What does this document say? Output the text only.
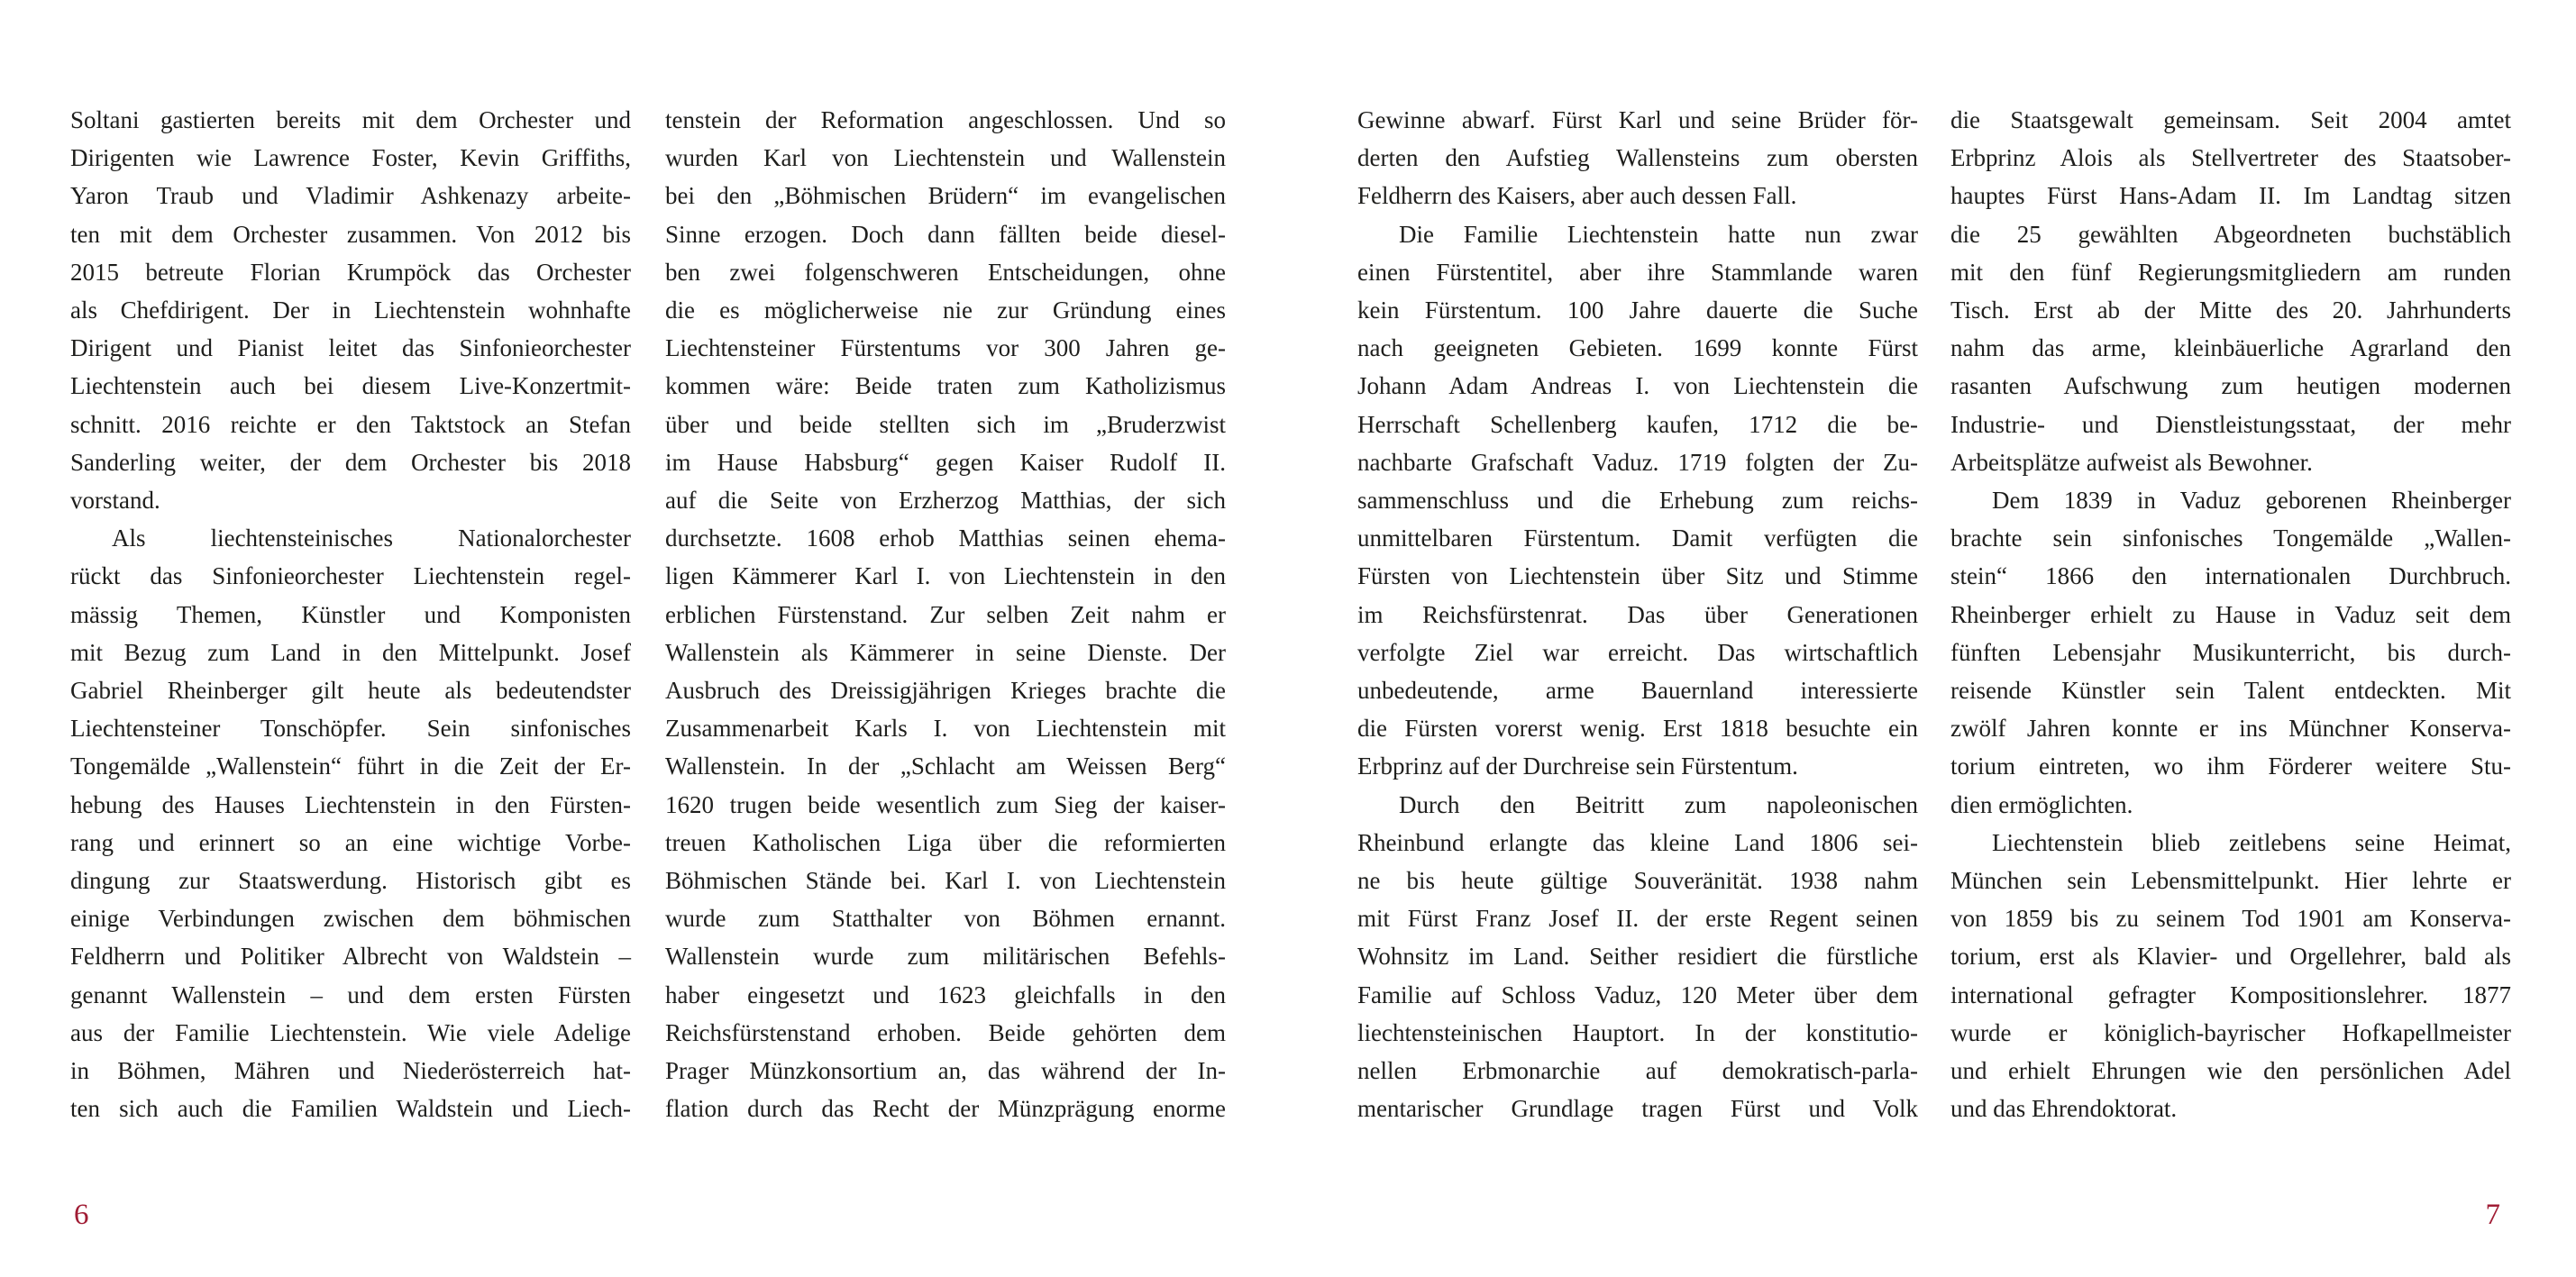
Soltani gastierten bereits mit dem Orchester und
Dirigenten wie Lawrence Foster, Kevin Griffiths,
Yaron Traub und Vladimir Ashkenazy arbeite-
ten mit dem Orchester zusammen. Von 2012 bis
2015 betreute Florian Krumpöck das Orchester
als Chefdirigent. Der in Liechtenstein wohnhafte
Dirigent und Pianist leitet das Sinfonieorchester
Liechtenstein auch bei diesem Live-Konzertmit-
schnitt. 2016 reichte er den Taktstock an Stefan
Sanderling weiter, der dem Orchester bis 2018
vorstand.
Als liechtensteinisches Nationalorchester
rückt das Sinfonieorchester Liechtenstein regel-
mässig Themen, Künstler und Komponisten
mit Bezug zum Land in den Mittelpunkt. Josef
Gabriel Rheinberger gilt heute als bedeutendster
Liechtensteiner Tonschöpfer. Sein sinfonisches
Tongemälde „Wallenstein“ führt in die Zeit der Er-
hebung des Hauses Liechtenstein in den Fürsten-
rang und erinnert so an eine wichtige Vorbe-
dingung zur Staatswerdung. Historisch gibt es
einige Verbindungen zwischen dem böhmischen
Feldherrn und Politiker Albrecht von Waldstein –
genannt Wallenstein – und dem ersten Fürsten
aus der Familie Liechtenstein. Wie viele Adelige
in Böhmen, Mähren und Niederösterreich hat-
ten sich auch die Familien Waldstein und Liech-
tenstein der Reformation angeschlossen. Und so
wurden Karl von Liechtenstein und Wallenstein
bei den „Böhmischen Brüdern“ im evangelischen
Sinne erzogen. Doch dann fällten beide diesel-
ben zwei folgenschweren Entscheidungen, ohne
die es möglicherweise nie zur Gründung eines
Liechtensteiner Fürstentums vor 300 Jahren ge-
kommen wäre: Beide traten zum Katholizismus
über und beide stellten sich im „Bruderzwist
im Hause Habsburg“ gegen Kaiser Rudolf II.
auf die Seite von Erzherzog Matthias, der sich
durchsetzte. 1608 erhob Matthias seinen ehema-
ligen Kämmerer Karl I. von Liechtenstein in den
erblichen Fürstenstand. Zur selben Zeit nahm er
Wallenstein als Kämmerer in seine Dienste. Der
Ausbruch des Dreissigjährigen Krieges brachte die
Zusammenarbeit Karls I. von Liechtenstein mit
Wallenstein. In der „Schlacht am Weissen Berg“
1620 trugen beide wesentlich zum Sieg der kaiser-
treuen Katholischen Liga über die reformierten
Böhmischen Stände bei. Karl I. von Liechtenstein
wurde zum Statthalter von Böhmen ernannt.
Wallenstein wurde zum militärischen Befehls-
haber eingesetzt und 1623 gleichfalls in den
Reichsfürstenstand erhoben. Beide gehörten dem
Prager Münzkonsortium an, das während der In-
flation durch das Recht der Münzprägung enorme
6
Gewinne abwarf. Fürst Karl und seine Brüder för-
derten den Aufstieg Wallensteins zum obersten
Feldherrn des Kaisers, aber auch dessen Fall.
Die Familie Liechtenstein hatte nun zwar
einen Fürstentitel, aber ihre Stammlande waren
kein Fürstentum. 100 Jahre dauerte die Suche
nach geeigneten Gebieten. 1699 konnte Fürst
Johann Adam Andreas I. von Liechtenstein die
Herrschaft Schellenberg kaufen, 1712 die be-
nachbarte Grafschaft Vaduz. 1719 folgten der Zu-
sammenschluss und die Erhebung zum reichs-
unmittelbaren Fürstentum. Damit verfügten die
Fürsten von Liechtenstein über Sitz und Stimme
im Reichsfürstenrat. Das über Generationen
verfolgte Ziel war erreicht. Das wirtschaftlich
unbedeutende, arme Bauernland interessierte
die Fürsten vorerst wenig. Erst 1818 besuchte ein
Erbprinz auf der Durchreise sein Fürstentum.
Durch den Beitritt zum napoleonischen
Rheinbund erlangte das kleine Land 1806 sei-
ne bis heute gültige Souveränität. 1938 nahm
mit Fürst Franz Josef II. der erste Regent seinen
Wohnsitz im Land. Seither residiert die fürstliche
Familie auf Schloss Vaduz, 120 Meter über dem
liechtensteinischen Hauptort. In der konstitutio-
nellen Erbmonarchie auf demokratisch-parla-
mentarischer Grundlage tragen Fürst und Volk
die Staatsgewalt gemeinsam. Seit 2004 amtet
Erbprinz Alois als Stellvertreter des Staatsober-
hauptes Fürst Hans-Adam II. Im Landtag sitzen
die 25 gewählten Abgeordneten buchstäblich
mit den fünf Regierungsmitgliedern am runden
Tisch. Erst ab der Mitte des 20. Jahrhunderts
nahm das arme, kleinbäuerliche Agrarland den
rasanten Aufschwung zum heutigen modernen
Industrie- und Dienstleistungsstaat, der mehr
Arbeitsplätze aufweist als Bewohner.
Dem 1839 in Vaduz geborenen Rheinberger
brachte sein sinfonisches Tongemälde „Wallen-
stein“ 1866 den internationalen Durchbruch.
Rheinberger erhielt zu Hause in Vaduz seit dem
fünften Lebensjahr Musikunterricht, bis durch-
reisende Künstler sein Talent entdeckten. Mit
zwölf Jahren konnte er ins Münchner Konserva-
torium eintreten, wo ihm Förderer weitere Stu-
dien ermöglichten.
Liechtenstein blieb zeitlebens seine Heimat,
München sein Lebensmittelpunkt. Hier lehrte er
von 1859 bis zu seinem Tod 1901 am Konserva-
torium, erst als Klavier- und Orgellehrer, bald als
international gefragter Kompositionslehrer. 1877
wurde er königlich-bayrischer Hofkapellmeister
und erhielt Ehrungen wie den persönlichen Adel
und das Ehrendoktorat.
7
